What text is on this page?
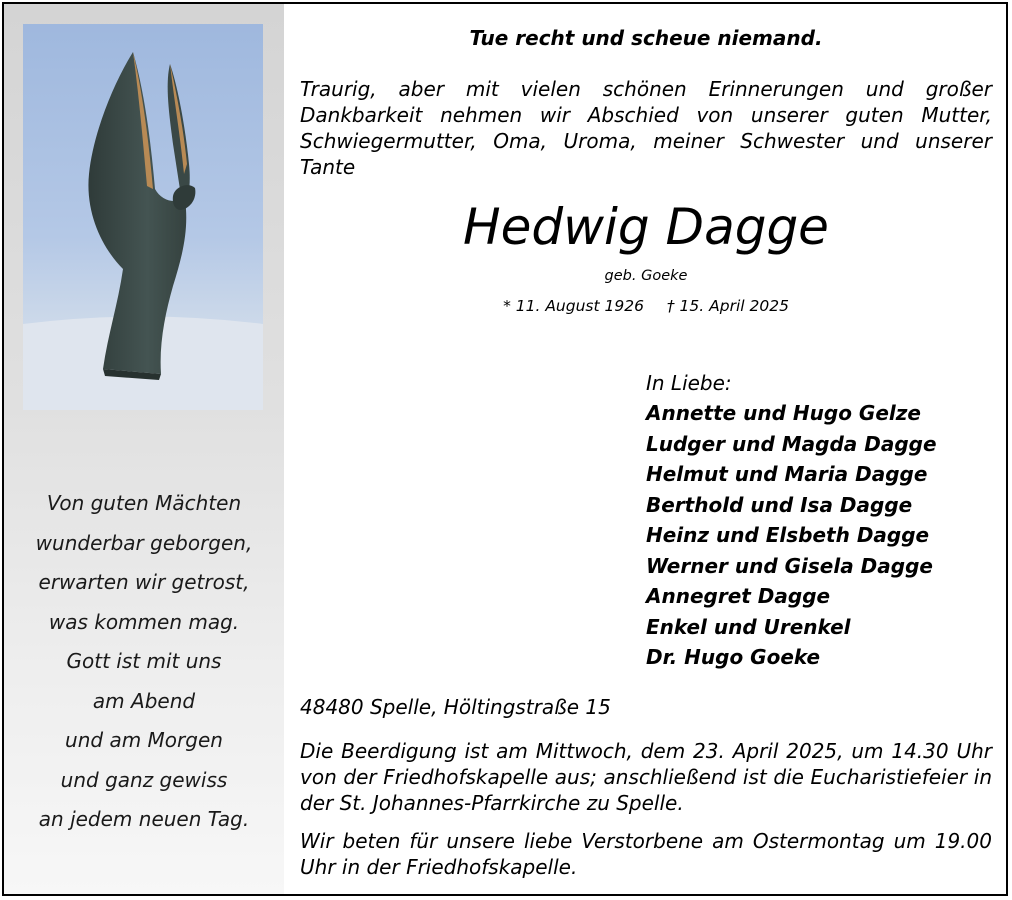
Von guten Mächten
wunderbar geborgen,
erwarten wir getrost,
was kommen mag.
Gott ist mit uns
am Abend
und am Morgen
und ganz gewiss
an jedem neuen Tag.
Tue recht und scheue niemand.
Traurig, aber mit vielen schönen Erinnerungen und großer Dankbarkeit nehmen wir Abschied von unserer guten Mutter, Schwiegermutter, Oma, Uroma, meiner Schwester und unserer Tante
Hedwig Dagge
geb. Goeke
* 11. August 1926 † 15. April 2025
In Liebe:
Annette und Hugo Gelze
Ludger und Magda Dagge
Helmut und Maria Dagge
Berthold und Isa Dagge
Heinz und Elsbeth Dagge
Werner und Gisela Dagge
Annegret Dagge
Enkel und Urenkel
Dr. Hugo Goeke
48480 Spelle, Höltingstraße 15
Die Beerdigung ist am Mittwoch, dem 23. April 2025, um 14.30 Uhr von der Friedhofskapelle aus; anschließend ist die Eucharistiefeier in der St. Johannes-Pfarrkirche zu Spelle.
Wir beten für unsere liebe Verstorbene am Ostermontag um 19.00 Uhr in der Friedhofskapelle.
